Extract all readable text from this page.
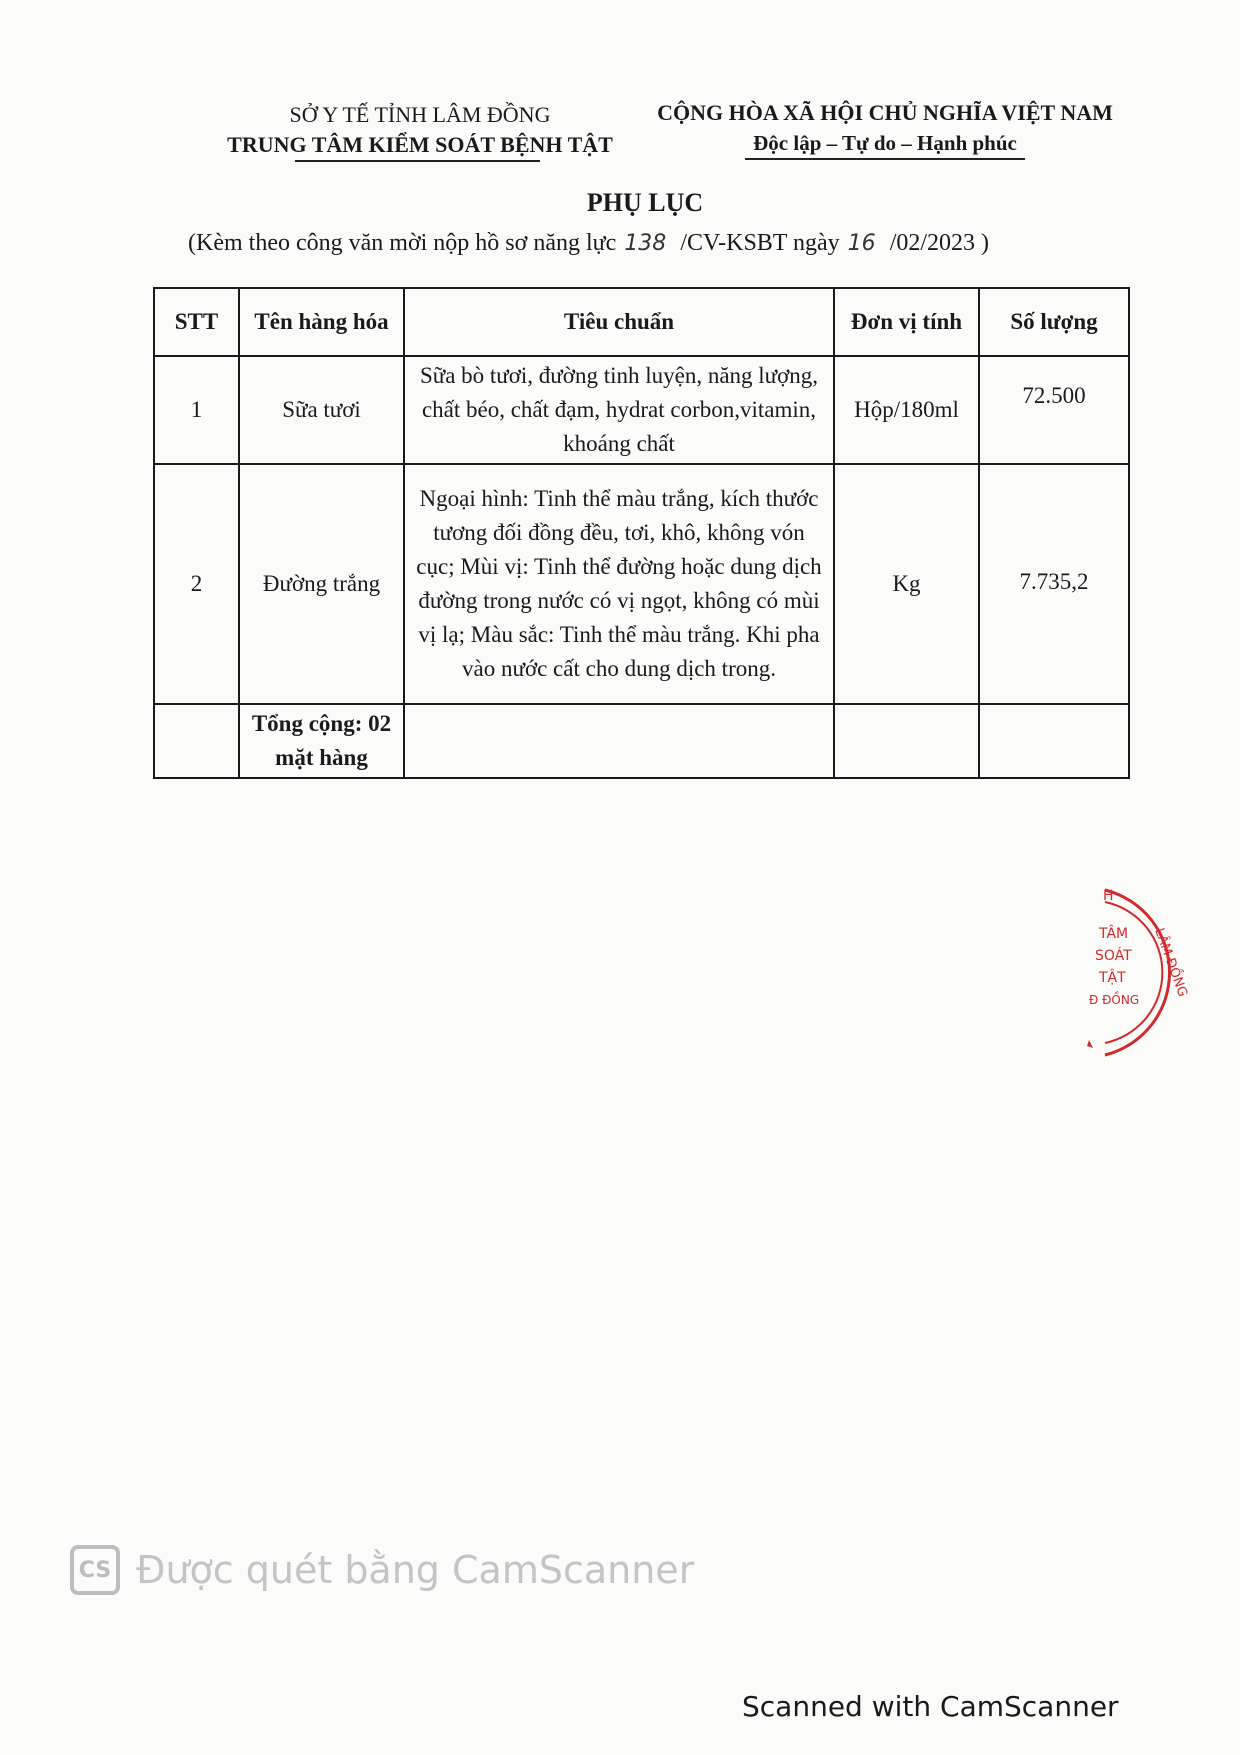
SỞ Y TẾ TỈNH LÂM ĐỒNG
TRUNG TÂM KIỂM SOÁT BỆNH TẬT
CỘNG HÒA XÃ HỘI CHỦ NGHĨA VIỆT NAM
Độc lập – Tự do – Hạnh phúc
PHỤ LỤC
(Kèm theo công văn mời nộp hồ sơ năng lực 138 /CV-KSBT ngày 16 /02/2023 )
STT	Tên hàng hóa	Tiêu chuẩn	Đơn vị tính	Số lượng
1	Sữa tươi	Sữa bò tươi, đường tinh luyện, năng lượng, chất béo, chất đạm, hydrat corbon,vitamin, khoáng chất	Hộp/180ml	72.500
2	Đường trắng	Ngoại hình: Tinh thể màu trắng, kích thước tương đối đồng đều, tơi, khô, không vón cục; Mùi vị: Tinh thể đường hoặc dung dịch đường trong nước có vị ngọt, không có mùi vị lạ; Màu sắc: Tinh thể màu trắng. Khi pha vào nước cất cho dung dịch trong.	Kg	7.735,2
	Tổng cộng: 02 mặt hàng			
H
TÂM
SOÁT
TẬT
Đ ĐỒNG
LÂM ĐỒNG
CS Được quét bằng CamScanner
Scanned with CamScanner
